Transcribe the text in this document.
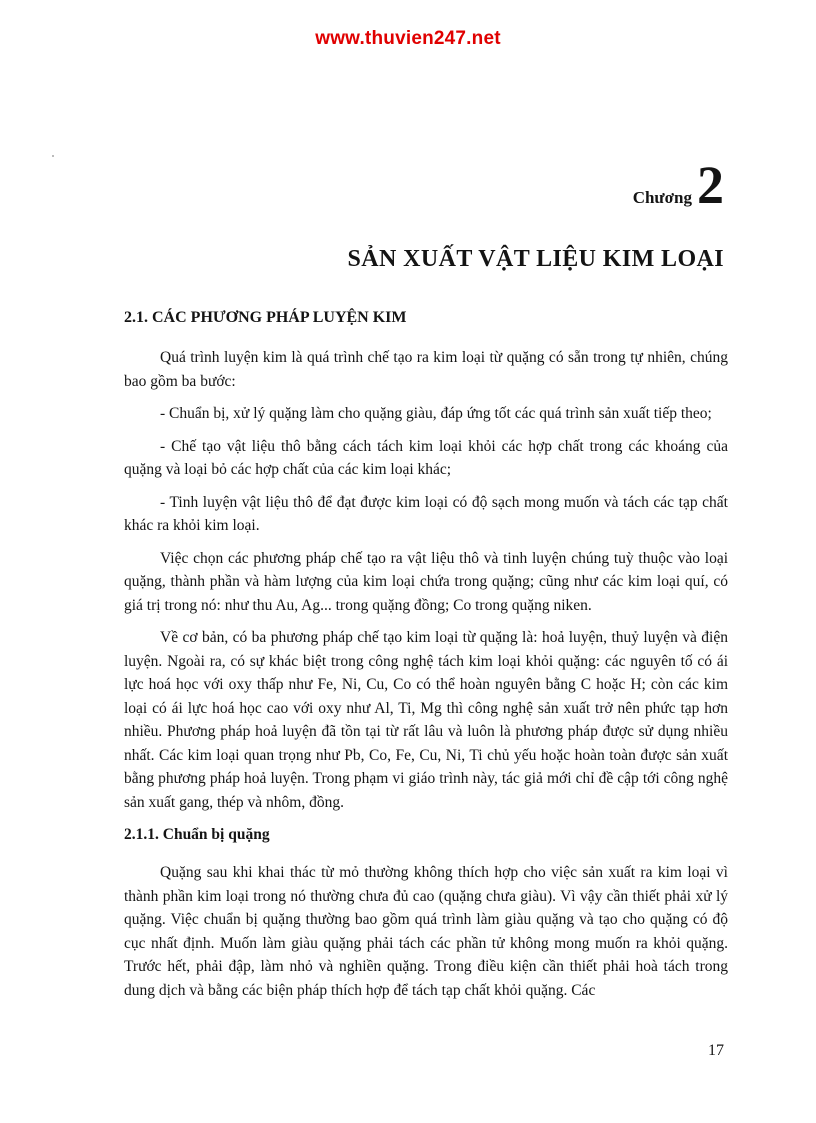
www.thuvien247.net
Chương2
SẢN XUẤT VẬT LIỆU KIM LOẠI
2.1. CÁC PHƯƠNG PHÁP LUYỆN KIM

Quá trình luyện kim là quá trình chế tạo ra kim loại từ quặng có sẵn trong tự nhiên, chúng bao gồm ba bước:

- Chuẩn bị, xử lý quặng làm cho quặng giàu, đáp ứng tốt các quá trình sản xuất tiếp theo;

- Chế tạo vật liệu thô bằng cách tách kim loại khỏi các hợp chất trong các khoáng của quặng và loại bỏ các hợp chất của các kim loại khác;

- Tinh luyện vật liệu thô để đạt được kim loại có độ sạch mong muốn và tách các tạp chất khác ra khỏi kim loại.

Việc chọn các phương pháp chế tạo ra vật liệu thô và tinh luyện chúng tuỳ thuộc vào loại quặng, thành phần và hàm lượng của kim loại chứa trong quặng; cũng như các kim loại quí, có giá trị trong nó: như thu Au, Ag... trong quặng đồng; Co trong quặng niken.

Về cơ bản, có ba phương pháp chế tạo kim loại từ quặng là: hoả luyện, thuỷ luyện và điện luyện. Ngoài ra, có sự khác biệt trong công nghệ tách kim loại khỏi quặng: các nguyên tố có ái lực hoá học với oxy thấp như Fe, Ni, Cu, Co có thể hoàn nguyên bằng C hoặc H; còn các kim loại có ái lực hoá học cao với oxy như Al, Ti, Mg thì công nghệ sản xuất trở nên phức tạp hơn nhiều. Phương pháp hoả luyện đã tồn tại từ rất lâu và luôn là phương pháp được sử dụng nhiều nhất. Các kim loại quan trọng như Pb, Co, Fe, Cu, Ni, Ti chủ yếu hoặc hoàn toàn được sản xuất bằng phương pháp hoả luyện. Trong phạm vi giáo trình này, tác giả mới chỉ đề cập tới công nghệ sản xuất gang, thép và nhôm, đồng.

2.1.1. Chuẩn bị quặng

Quặng sau khi khai thác từ mỏ thường không thích hợp cho việc sản xuất ra kim loại vì thành phần kim loại trong nó thường chưa đủ cao (quặng chưa giàu). Vì vậy cần thiết phải xử lý quặng. Việc chuẩn bị quặng thường bao gồm quá trình làm giàu quặng và tạo cho quặng có độ cục nhất định. Muốn làm giàu quặng phải tách các phần tử không mong muốn ra khỏi quặng. Trước hết, phải đập, làm nhỏ và nghiền quặng. Trong điều kiện cần thiết phải hoà tách trong dung dịch và bằng các biện pháp thích hợp để tách tạp chất khỏi quặng. Các

17
